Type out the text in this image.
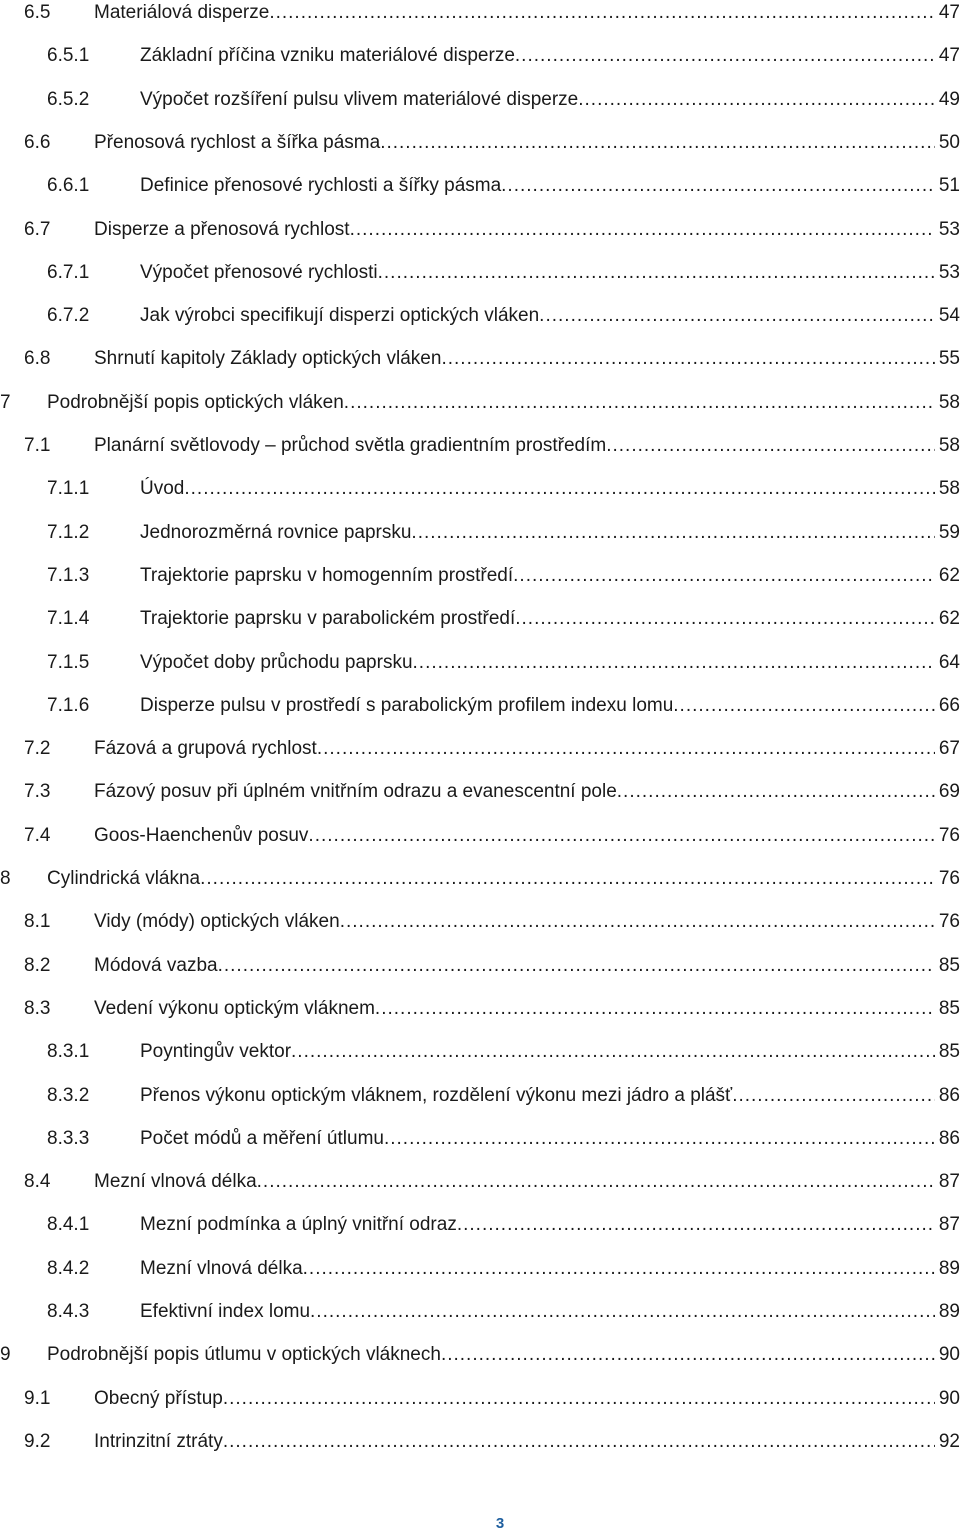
6.5 Materiálová disperze .....	47
6.5.1	Základní příčina vzniku materiálové disperze .....	47
6.5.2	Výpočet rozšíření pulsu vlivem materiálové disperze .....	49
6.6 Přenosová rychlost a šířka pásma .....	50
6.6.1	Definice přenosové rychlosti a šířky pásma .....	51
6.7 Disperze a přenosová rychlost .....	53
6.7.1	Výpočet přenosové rychlosti .....	53
6.7.2	Jak výrobci specifikují disperzi optických vláken .....	54
6.8 Shrnutí kapitoly Základy optických vláken .....	55
7 Podrobnější popis optických vláken .....	58
7.1 Planární světlovody – průchod světla gradientním prostředím .....	58
7.1.1	Úvod .....	58
7.1.2	Jednorozměrná rovnice paprsku .....	59
7.1.3	Trajektorie paprsku v homogenním prostředí .....	62
7.1.4	Trajektorie paprsku v parabolickém prostředí .....	62
7.1.5	Výpočet doby průchodu paprsku .....	64
7.1.6	Disperze pulsu v prostředí s parabolickým profilem indexu lomu .....	66
7.2 Fázová a grupová rychlost .....	67
7.3 Fázový posuv při úplném vnitřním odrazu a evanescentní pole .....	69
7.4 Goos-Haenchenův posuv .....	76
8 Cylindrická vlákna .....	76
8.1 Vidy (módy) optických vláken .....	76
8.2 Módová vazba .....	85
8.3 Vedení výkonu optickým vláknem .....	85
8.3.1	Poyntingův vektor .....	85
8.3.2	Přenos výkonu optickým vláknem, rozdělení výkonu mezi jádro a plášť .....	86
8.3.3	Počet módů a měření útlumu .....	86
8.4 Mezní vlnová délka .....	87
8.4.1	Mezní podmínka a úplný vnitřní odraz .....	87
8.4.2	Mezní vlnová délka .....	89
8.4.3	Efektivní index lomu .....	89
9 Podrobnější popis útlumu v optických vláknech .....	90
9.1 Obecný přístup .....	90
9.2 Intrinzitní ztráty .....	92
3
